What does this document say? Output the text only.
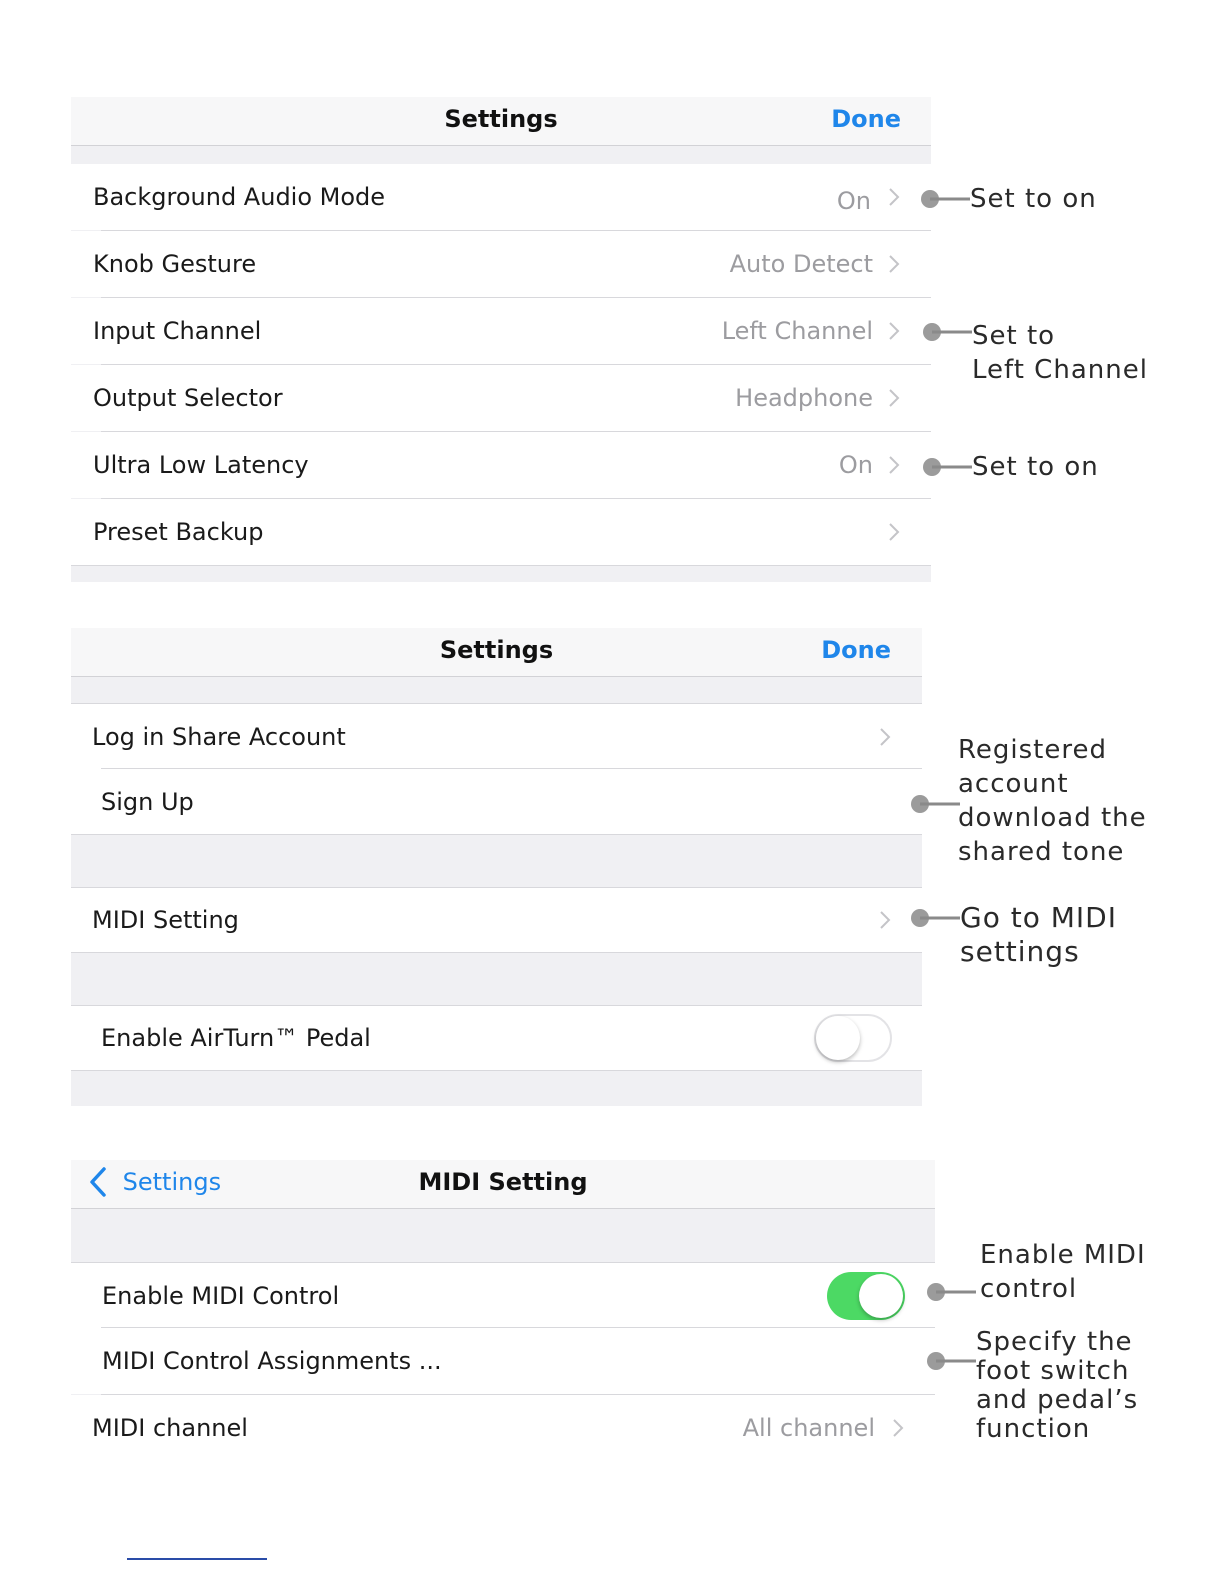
Settings	Done
Background Audio Mode	On
Knob Gesture	Auto Detect
Input Channel	Left Channel
Output Selector	Headphone
Ultra Low Latency	On
Preset Backup
Settings	Done
Log in Share Account
Sign Up
MIDI Setting
Enable AirTurn™ Pedal
Settings	MIDI Setting
Enable MIDI Control
MIDI Control Assignments ...
MIDI channel	All channel
Set to on
Set to
Left Channel
Set to on
Registered
account
download the
shared tone
Go to MIDI
settings
Enable MIDI
control
Specify the
foot switch
and pedal’s
function
